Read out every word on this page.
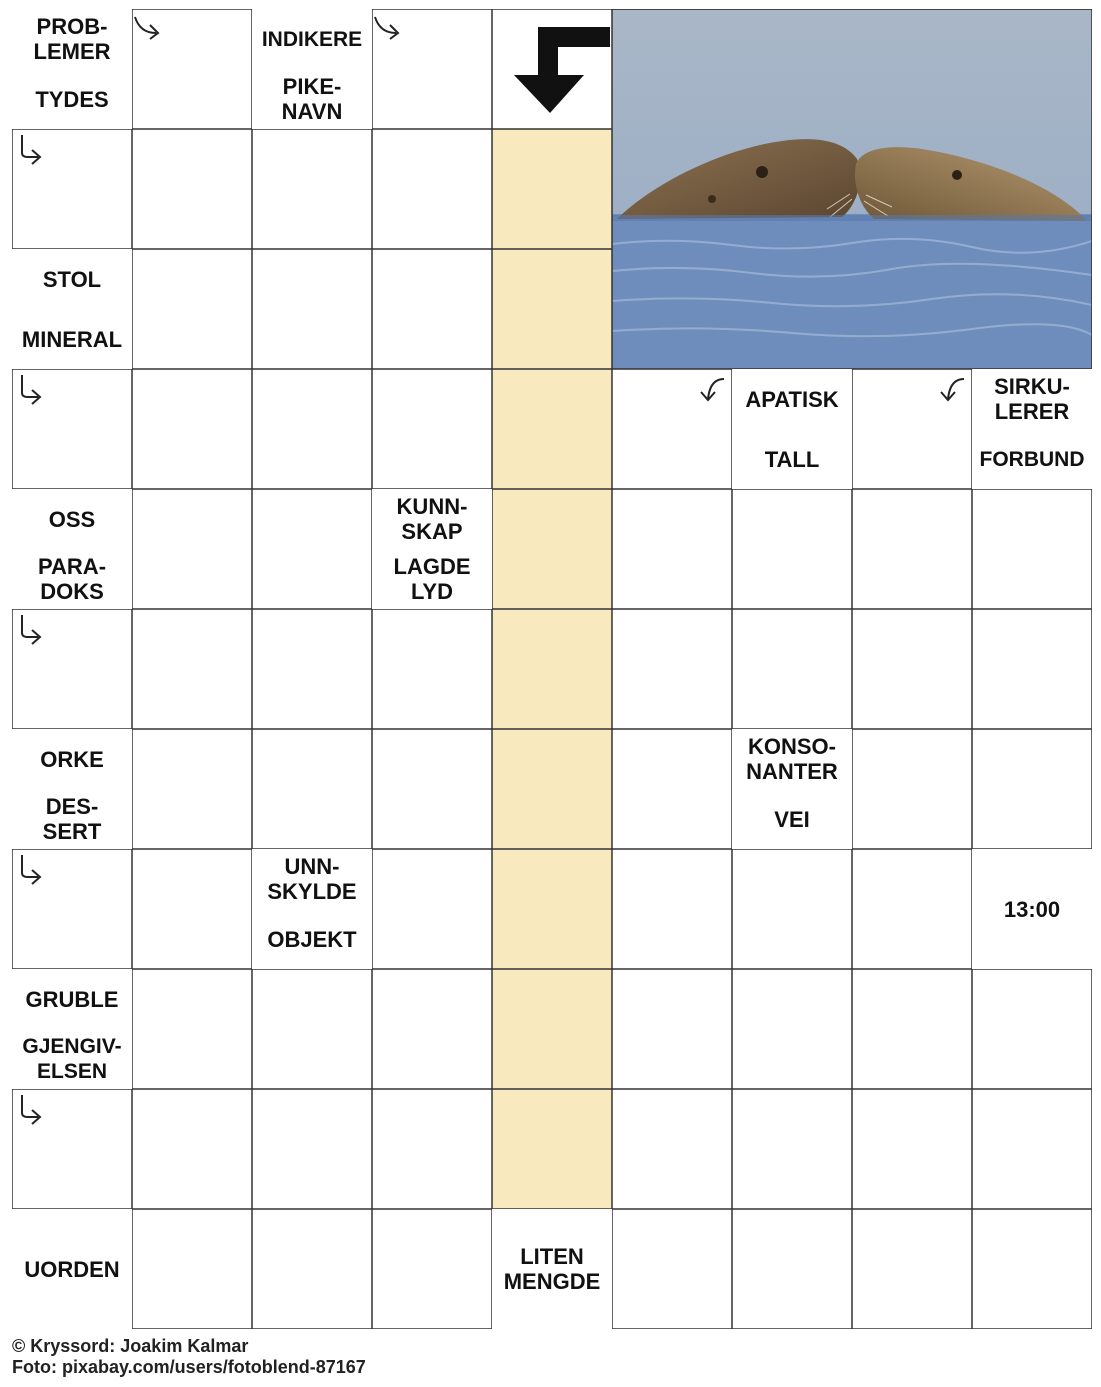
PROB-
LEMER
TYDES
INDIKERE
PIKE-
NAVN
STOL
MINERAL
APATISK
TALL
SIRKU-
LERER
FORBUND
OSS
PARA-
DOKS
KUNN-
SKAP
LAGDE
LYD
ORKE
DES-
SERT
KONSO-
NANTER
VEI
UNN-
SKYLDE
OBJEKT
13:00
GRUBLE
GJENGIV-
ELSEN
UORDEN	LITEN
MENGDE
© Kryssord: Joakim Kalmar
Foto: pixabay.com/users/fotoblend-87167
